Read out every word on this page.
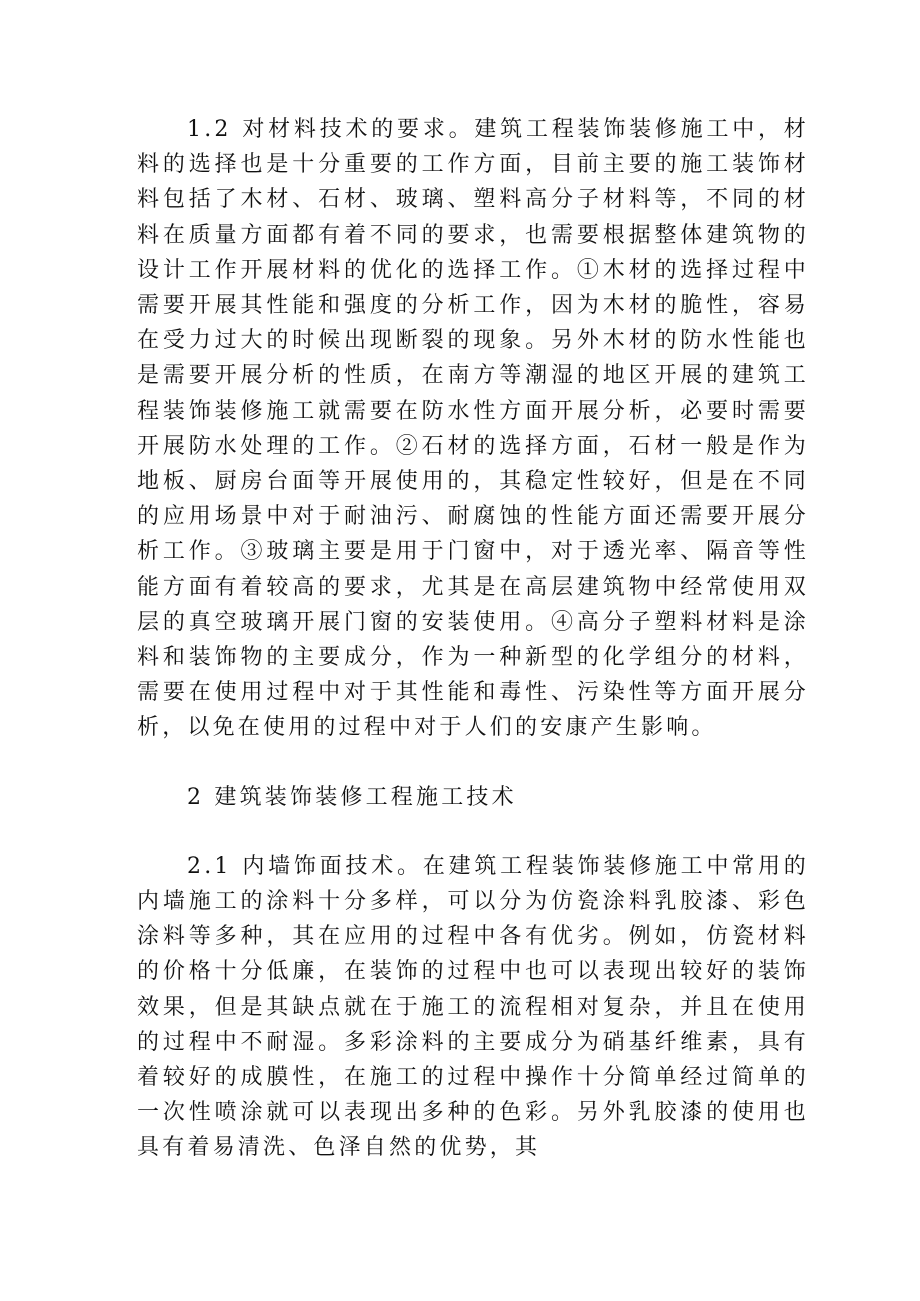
1.2 对材料技术的要求。建筑工程装饰装修施工中，材料的选择也是十分重要的工作方面，目前主要的施工装饰材料包括了木材、石材、玻璃、塑料高分子材料等，不同的材料在质量方面都有着不同的要求，也需要根据整体建筑物的设计工作开展材料的优化的选择工作。①木材的选择过程中需要开展其性能和强度的分析工作，因为木材的脆性，容易在受力过大的时候出现断裂的现象。另外木材的防水性能也是需要开展分析的性质，在南方等潮湿的地区开展的建筑工程装饰装修施工就需要在防水性方面开展分析，必要时需要开展防水处理的工作。②石材的选择方面，石材一般是作为地板、厨房台面等开展使用的，其稳定性较好，但是在不同的应用场景中对于耐油污、耐腐蚀的性能方面还需要开展分析工作。③玻璃主要是用于门窗中，对于透光率、隔音等性能方面有着较高的要求，尤其是在高层建筑物中经常使用双层的真空玻璃开展门窗的安装使用。④高分子塑料材料是涂料和装饰物的主要成分，作为一种新型的化学组分的材料，需要在使用过程中对于其性能和毒性、污染性等方面开展分析，以免在使用的过程中对于人们的安康产生影响。

2 建筑装饰装修工程施工技术

2.1 内墙饰面技术。在建筑工程装饰装修施工中常用的内墙施工的涂料十分多样，可以分为仿瓷涂料乳胶漆、彩色涂料等多种，其在应用的过程中各有优劣。例如，仿瓷材料的价格十分低廉，在装饰的过程中也可以表现出较好的装饰效果，但是其缺点就在于施工的流程相对复杂，并且在使用的过程中不耐湿。多彩涂料的主要成分为硝基纤维素，具有着较好的成膜性，在施工的过程中操作十分简单经过简单的一次性喷涂就可以表现出多种的色彩。另外乳胶漆的使用也具有着易清洗、色泽自然的优势，其
